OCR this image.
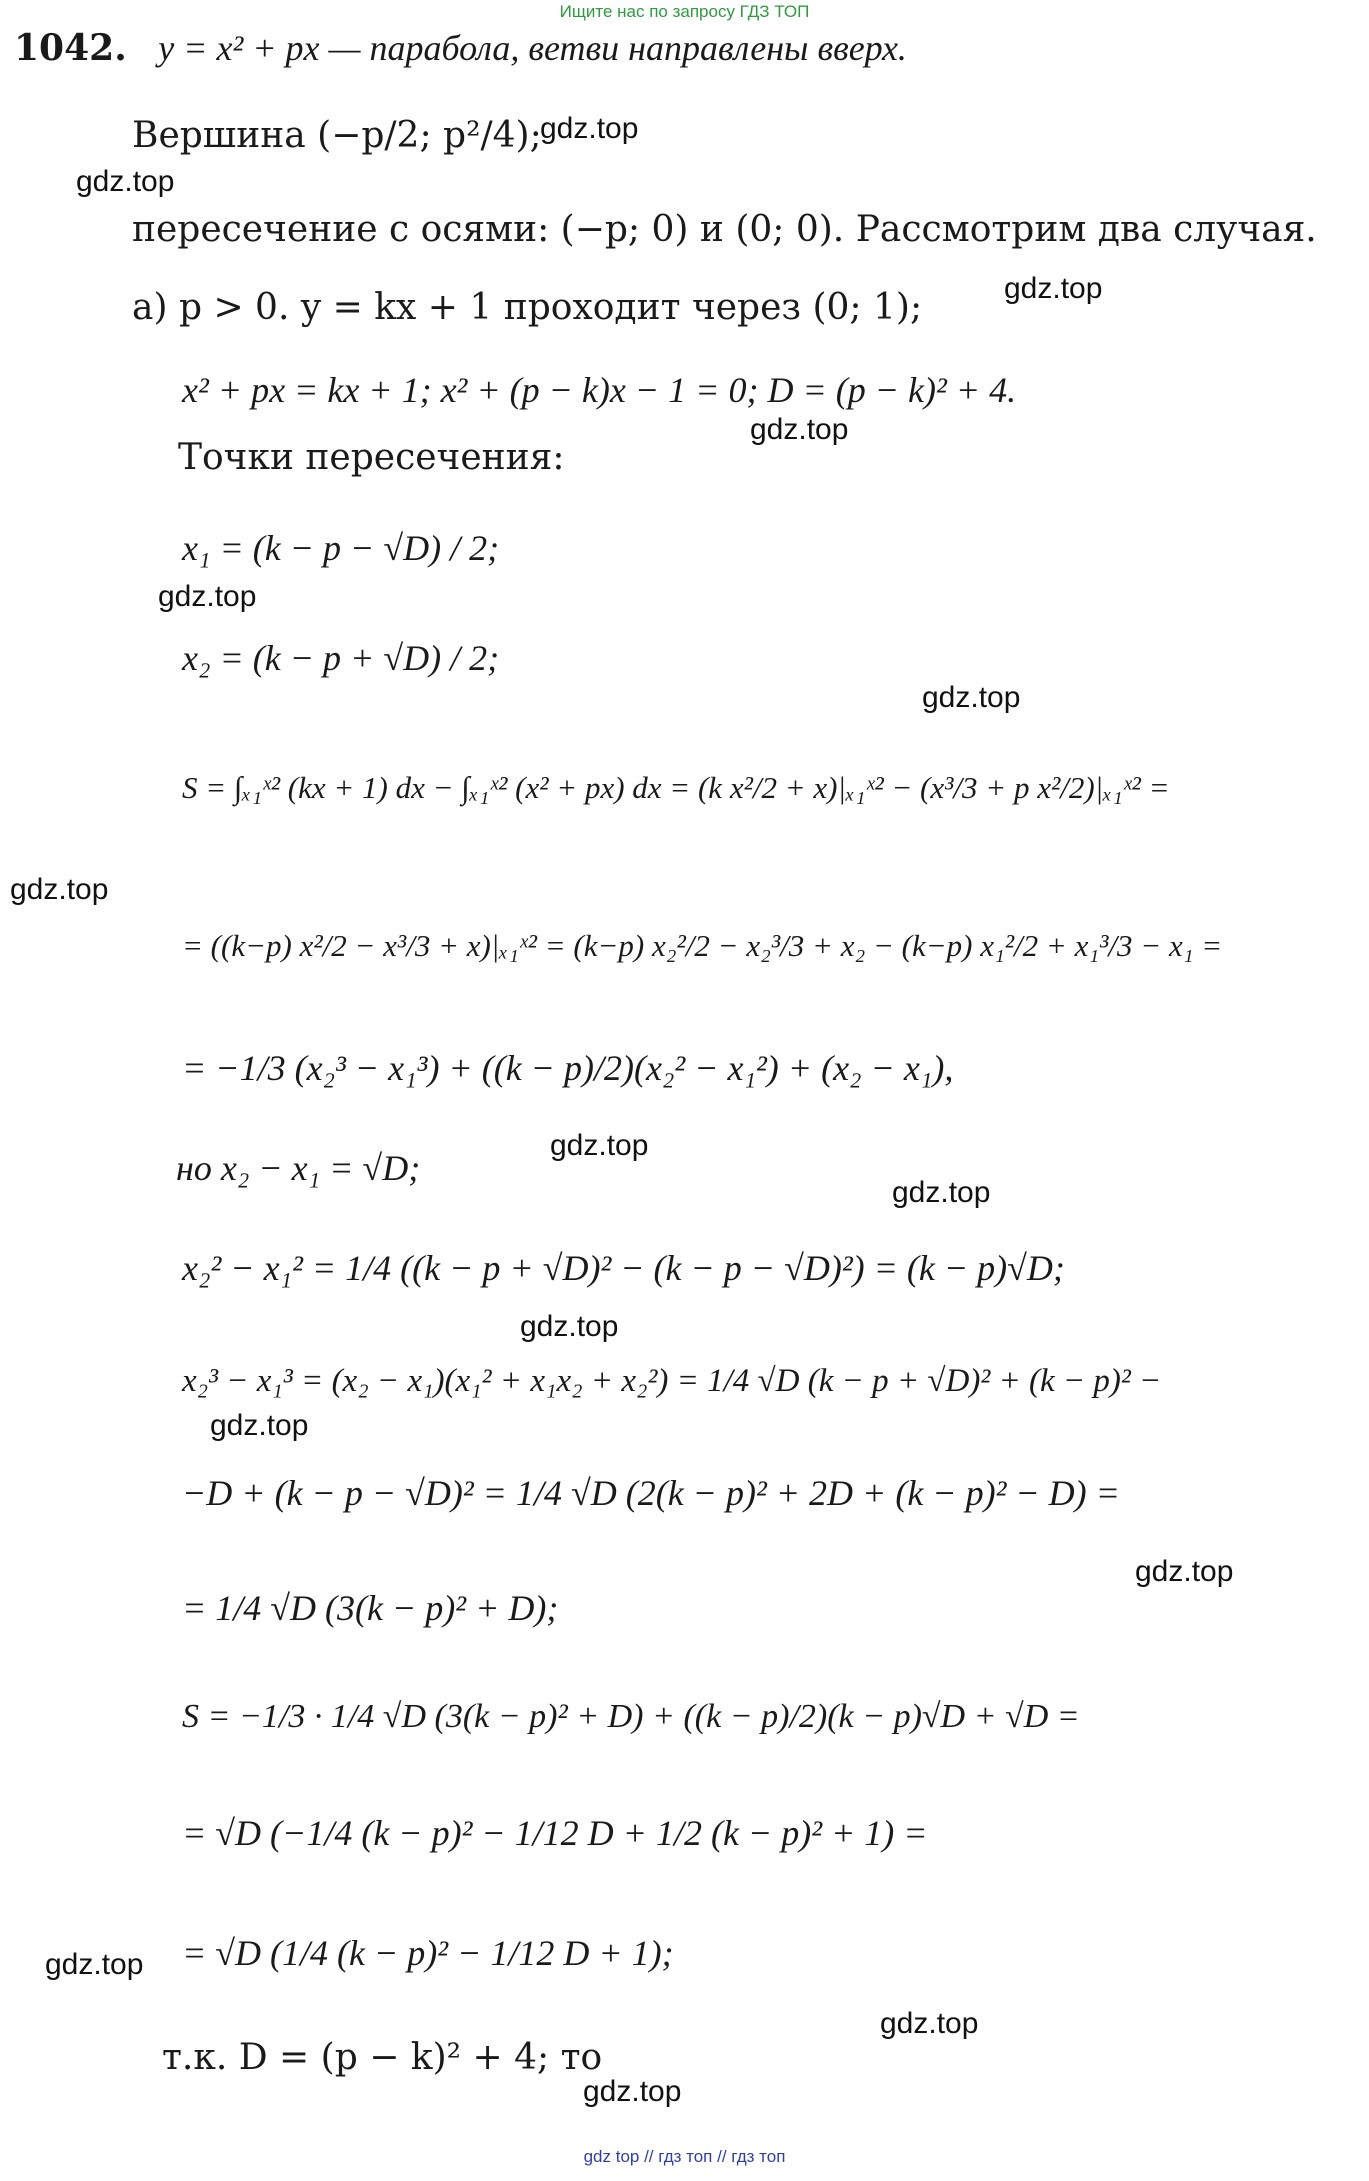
Ищите нас по запросу ГДЗ ТОП
1042. y = x² + px — парабола, ветви направлены вверх.
Вершина (−p/2; p²/4);
пересечение с осями: (−p; 0) и (0; 0). Рассмотрим два случая.
а) p > 0. y = kx + 1 проходит через (0; 1);
x² + px = kx + 1; x² + (p − k)x − 1 = 0; D = (p − k)² + 4.
Точки пересечения:
x₁ = (k − p − √D) / 2;
x₂ = (k − p + √D) / 2;
S = ∫ₓ₁ˣ² (kx + 1) dx − ∫ₓ₁ˣ² (x² + px) dx = (k x²/2 + x)|ₓ₁ˣ² − (x³/3 + p x²/2)|ₓ₁ˣ² =
= ((k−p) x²/2 − x³/3 + x)|ₓ₁ˣ² = (k−p) x₂²/2 − x₂³/3 + x₂ − (k−p) x₁²/2 + x₁³/3 − x₁ =
= −1/3 (x₂³ − x₁³) + ((k − p)/2)(x₂² − x₁²) + (x₂ − x₁),
но x₂ − x₁ = √D;
x₂² − x₁² = 1/4 ((k − p + √D)² − (k − p − √D)²) = (k − p)√D;
x₂³ − x₁³ = (x₂ − x₁)(x₁² + x₁x₂ + x₂²) = 1/4 √D (k − p + √D)² + (k − p)² −
−D + (k − p − √D)² = 1/4 √D (2(k − p)² + 2D + (k − p)² − D) =
= 1/4 √D (3(k − p)² + D);
S = −1/3 · 1/4 √D (3(k − p)² + D) + ((k − p)/2)(k − p)√D + √D =
= √D (−1/4 (k − p)² − 1/12 D + 1/2 (k − p)² + 1) =
= √D (1/4 (k − p)² − 1/12 D + 1);
т.к. D = (p − k)² + 4; то
gdz.top
gdz.top
gdz.top
gdz.top
gdz.top
gdz.top
gdz.top
gdz.top
gdz.top
gdz.top
gdz.top
gdz.top
gdz.top
gdz.top
gdz.top
gdz top // гдз топ // гдз топ
